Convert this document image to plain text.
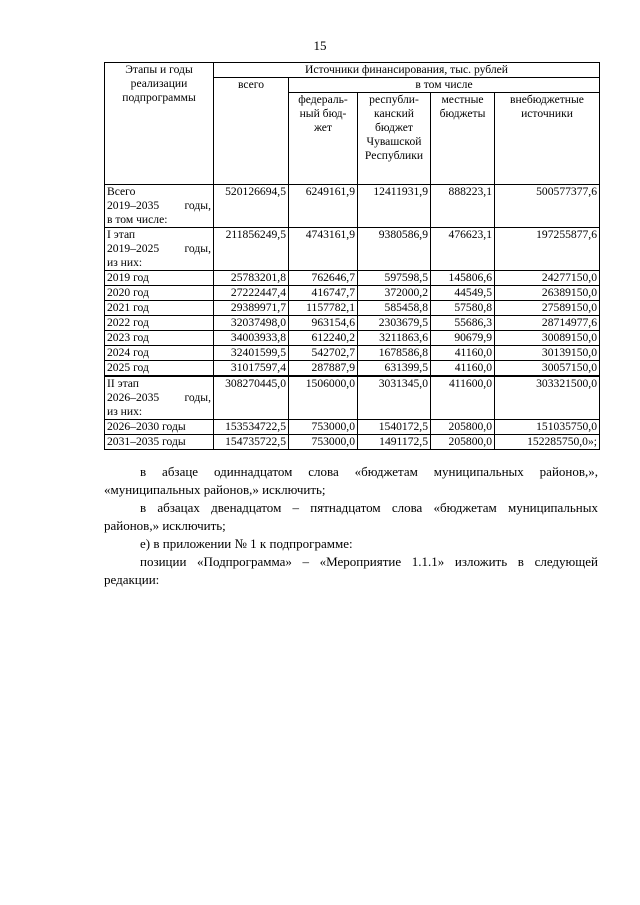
15
Этапы и годы реализации подпрограммы	Источники финансирования, тыс. рублей				
	всего	в том числе			
		федераль-ный бюд-жет	республи-канский бюджет Чувашской Республики	местные бюджеты	внебюджетные источники

Всего
2019–2035 годы,
в том числе:	520126694,5	6249161,9	12411931,9	888223,1	500577377,6

I этап
2019–2025 годы,
из них:	211856249,5	4743161,9	9380586,9	476623,1	197255877,6

2019 год	25783201,8	762646,7	597598,5	145806,6	24277150,0

2020 год	27222447,4	416747,7	372000,2	44549,5	26389150,0

2021 год	29389971,7	1157782,1	585458,8	57580,8	27589150,0

2022 год	32037498,0	963154,6	2303679,5	55686,3	28714977,6

2023 год	34003933,8	612240,2	3211863,6	90679,9	30089150,0

2024 год	32401599,5	542702,7	1678586,8	41160,0	30139150,0

2025 год	31017597,4	287887,9	631399,5	41160,0	30057150,0

II этап
2026–2035 годы,
из них:	308270445,0	1506000,0	3031345,0	411600,0	303321500,0

2026–2030 годы	153534722,5	753000,0	1540172,5	205800,0	151035750,0

2031–2035 годы	154735722,5	753000,0	1491172,5	205800,0	152285750,0»;
в абзаце одиннадцатом слова «бюджетам муниципальных районов,», «муниципальных районов,» исключить;
в абзацах двенадцатом – пятнадцатом слова «бюджетам муниципальных районов,» исключить;
е) в приложении № 1 к подпрограмме:
позиции «Подпрограмма» – «Мероприятие 1.1.1» изложить в следующей редакции:
